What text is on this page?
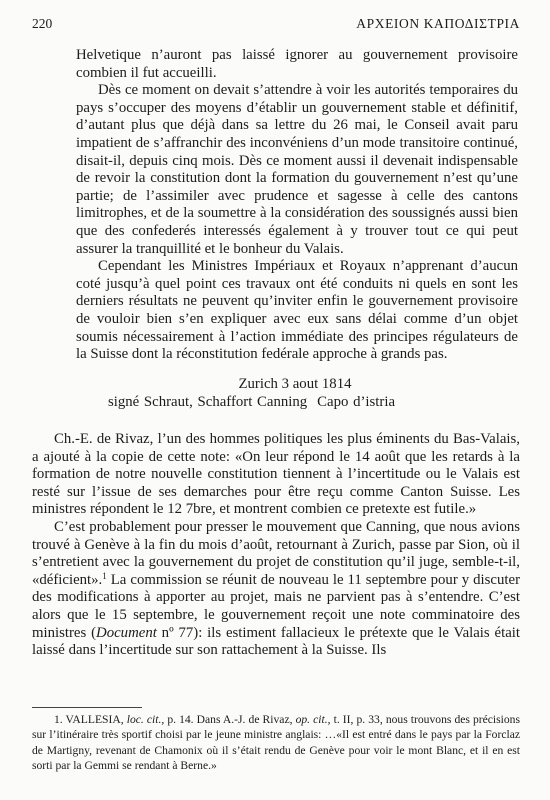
220	ΑΡΧΕΙΟΝ ΚΑΠΟΔΙΣΤΡΙΑ

Helvetique n’auront pas laissé ignorer au gouvernement provisoire combien il fut accueilli.

Dès ce moment on devait s’attendre à voir les autorités temporaires du pays s’occuper des moyens d’établir un gouvernement stable et définitif, d’autant plus que déjà dans sa lettre du 26 mai, le Conseil avait paru impatient de s’affranchir des inconvéniens d’un mode transitoire continué, disait-il, depuis cinq mois. Dès ce moment aussi il devenait indispensable de revoir la constitution dont la formation du gouvernement n’est qu’une partie; de l’assimiler avec prudence et sagesse à celle des cantons limitrophes, et de la soumettre à la considération des soussignés aussi bien que des confederés interessés également à y trouver tout ce qui peut assurer la tranquillité et le bonheur du Valais.

Cependant les Ministres Impériaux et Royaux n’apprenant d’aucun coté jusqu’à quel point ces travaux ont été conduits ni quels en sont les derniers résultats ne peuvent qu’inviter enfin le gouvernement provisoire de vouloir bien s’en expliquer avec eux sans délai comme d’un objet soumis nécessairement à l’action immédiate des principes régulateurs de la Suisse dont la réconstitution fedérale approche à grands pas.

Zurich 3 aout 1814
signé Schraut, Schaffort Canning Capo d’istria

Ch.-E. de Rivaz, l’un des hommes politiques les plus éminents du Bas-Valais, a ajouté à la copie de cette note: «On leur répond le 14 août que les retards à la formation de notre nouvelle constitution tiennent à l’incertitude ou le Valais est resté sur l’issue de ses demarches pour être reçu comme Canton Suisse. Les ministres répondent le 12 7bre, et montrent combien ce pretexte est futile.»

C’est probablement pour presser le mouvement que Canning, que nous avions trouvé à Genève à la fin du mois d’août, retournant à Zurich, passe par Sion, où il s’entretient avec la gouvernement du projet de constitution qu’il juge, semble-t-il, «déficient».$^1$ La commission se réunit de nouveau le 11 septembre pour y discuter des modifications à apporter au projet, mais ne parvient pas à s’entendre. C’est alors que le 15 septembre, le gouvernement reçoit une note comminatoire des ministres (Document nº 77): ils estiment fallacieux le prétexte que le Valais était laissé dans l’incertitude sur son rattachement à la Suisse. Ils

1. VALLESIA, loc. cit., p. 14. Dans A.-J. de Rivaz, op. cit., t. II, p. 33, nous trouvons des précisions sur l’itinéraire très sportif choisi par le jeune ministre anglais: …«Il est entré dans le pays par la Forclaz de Martigny, revenant de Chamonix où il s’était rendu de Genève pour voir le mont Blanc, et il en est sorti par la Gemmi se rendant à Berne.»
